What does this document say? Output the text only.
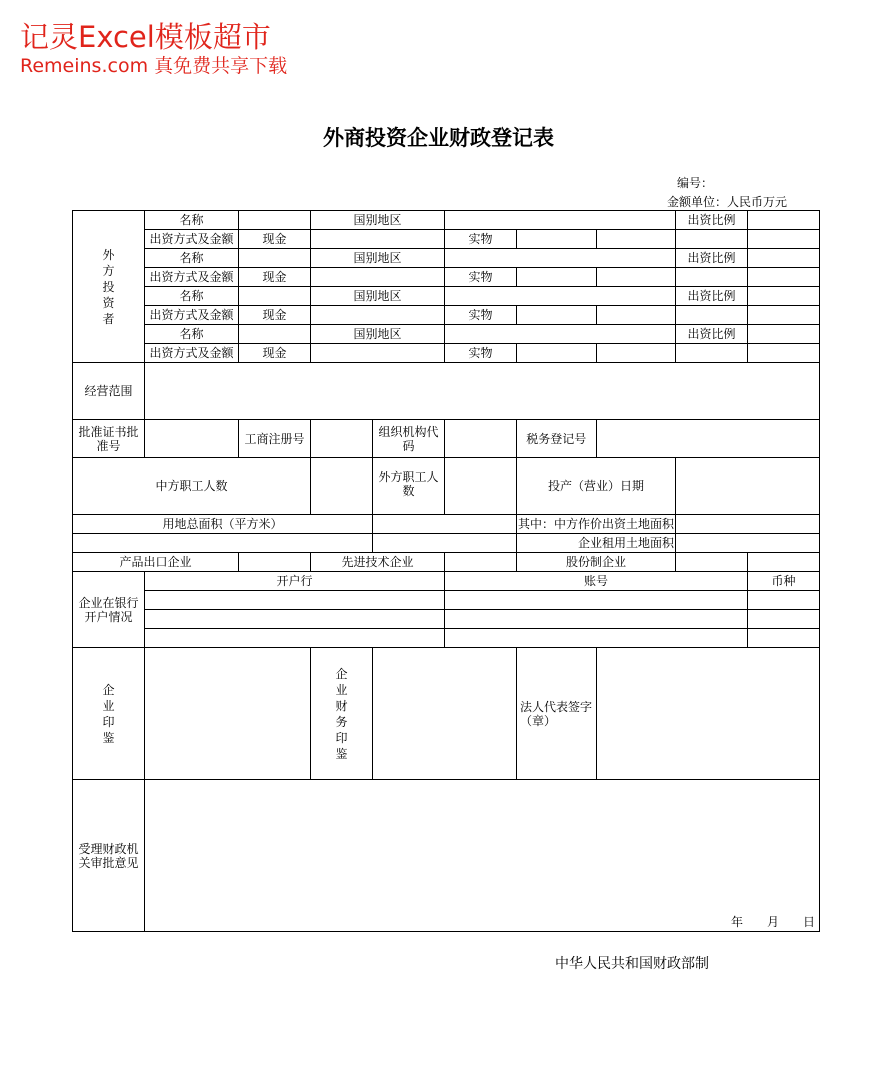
记灵Excel模板超市
Remeins.com 真免费共享下载
外商投资企业财政登记表
编号：
金额单位：人民币万元
外方投资者	名称		国别地区					出资比例	
	出资方式及金额	现金			实物				
	名称		国别地区					出资比例	
	出资方式及金额	现金			实物				
	名称		国别地区					出资比例	
	出资方式及金额	现金			实物				
	名称		国别地区					出资比例	
	出资方式及金额	现金			实物				
经营范围									
批准证书批准号		工商注册号		组织机构代码		税务登记号			
中方职工人数				外方职工人数		投产（营业）日期			
用地总面积（平方米）						其中：中方作价出资土地面积			
						企业租用土地面积			
产品出口企业			先进技术企业			股份制企业			
企业在银行开户情况	开户行				账号				币种

企业印鉴			企业财务印鉴			法人代表签字（章）			
受理财政机关审批意见	年　　月　　日								
中华人民共和国财政部制
